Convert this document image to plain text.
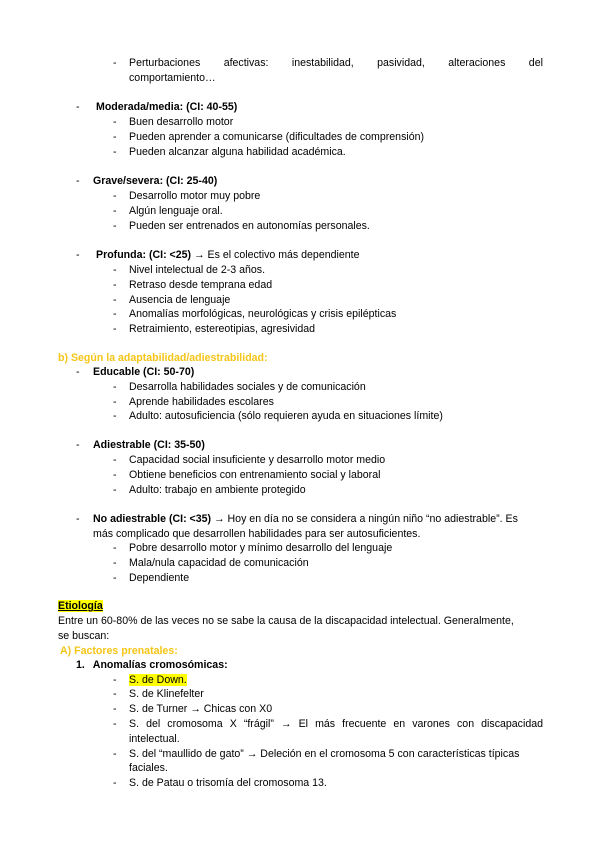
- Perturbaciones afectivas: inestabilidad, pasividad, alteraciones del
comportamiento…
- Moderada/media: (CI: 40-55)
- Buen desarrollo motor
- Pueden aprender a comunicarse (dificultades de comprensión)
- Pueden alcanzar alguna habilidad académica.
- Grave/severa: (CI: 25-40)
- Desarrollo motor muy pobre
- Algún lenguaje oral.
- Pueden ser entrenados en autonomías personales.
- Profunda: (CI: <25) → Es el colectivo más dependiente
- Nivel intelectual de 2-3 años.
- Retraso desde temprana edad
- Ausencia de lenguaje
- Anomalías morfológicas, neurológicas y crisis epilépticas
- Retraimiento, estereotipias, agresividad
b) Según la adaptabilidad/adiestrabilidad:
- Educable (CI: 50-70)
- Desarrolla habilidades sociales y de comunicación
- Aprende habilidades escolares
- Adulto: autosuficiencia (sólo requieren ayuda en situaciones límite)
- Adiestrable (CI: 35-50)
- Capacidad social insuficiente y desarrollo motor medio
- Obtiene beneficios con entrenamiento social y laboral
- Adulto: trabajo en ambiente protegido
- No adiestrable (CI: <35) → Hoy en día no se considera a ningún niño “no adiestrable”. Es
más complicado que desarrollen habilidades para ser autosuficientes.
- Pobre desarrollo motor y mínimo desarrollo del lenguaje
- Mala/nula capacidad de comunicación
- Dependiente
Etiología
Entre un 60-80% de las veces no se sabe la causa de la discapacidad intelectual. Generalmente,
se buscan:
A) Factores prenatales:
1. Anomalías cromosómicas:
- S. de Down.
- S. de Klinefelter
- S. de Turner → Chicas con X0
- S. del cromosoma X “frágil” → El más frecuente en varones con discapacidad
intelectual.
- S. del “maullido de gato” → Deleción en el cromosoma 5 con características típicas
faciales.
- S. de Patau o trisomía del cromosoma 13.
